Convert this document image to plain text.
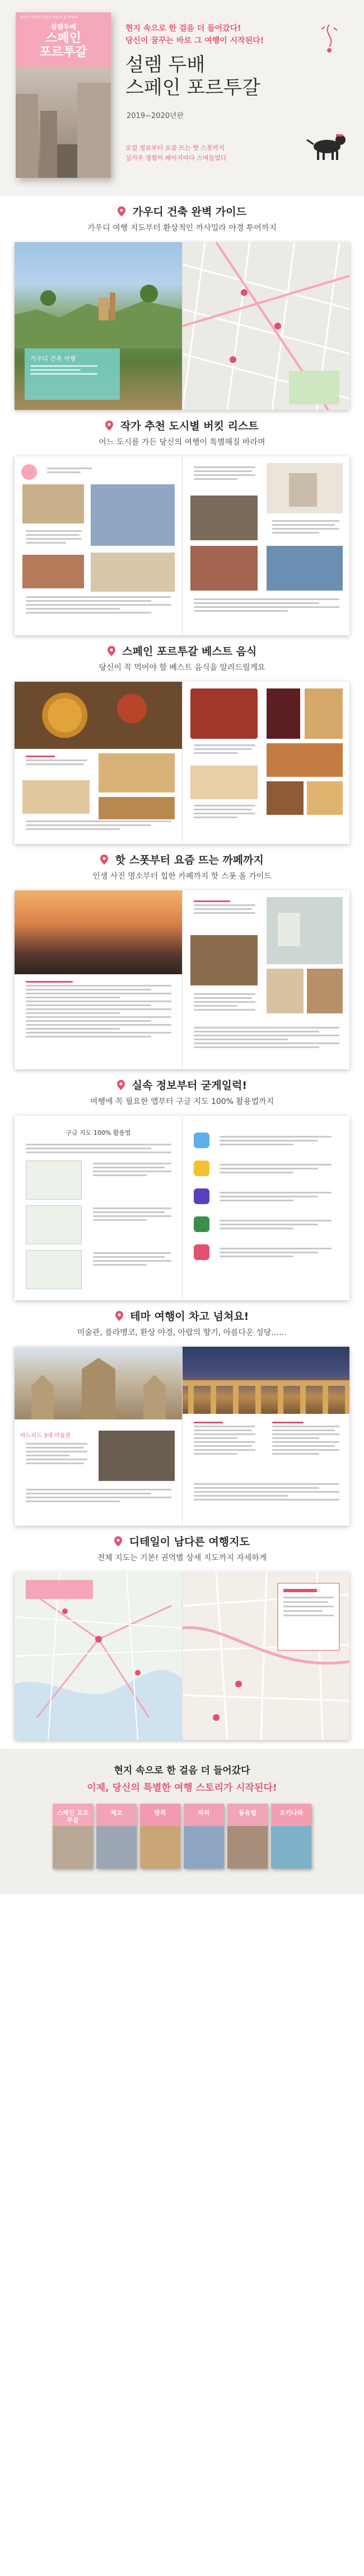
꿈꾸던 여행을 현실로 만들어 줄 안내서
설렘두배
스페인
포르투갈
현지 속으로 한 걸음 더 들어갔다!
당신이 꿈꾸는 바로 그 여행이 시작된다!
설렘 두배
스페인 포르투갈
2019~2020년판
로컬 정보부터 요즘 뜨는 핫 스폿까지
실거주 경험이 페이지마다 스며들었다
가우디 건축 완벽 가이드
가우디 여행 지도부터 환상적인 까사밀라 야경 투어까지
가우디 건축 여행
작가 추천 도시별 버킷 리스트
어느 도시를 가든 당신의 여행이 특별해질 바라며
스페인 포르투갈 베스트 음식
당신이 꼭 먹어야 할 베스트 음식을 알려드릴게요
핫 스폿부터 요즘 뜨는 까페까지
인생 사진 명소부터 힙한 카페까지 핫 스폿 올 가이드
실속 정보부터 굳게일럭!
여행에 꼭 필요한 앱부터 구글 지도 100% 활용법까지
구글 지도 100% 활용법
테마 여행이 차고 넘쳐요!
미술관, 플라멩코, 환상 야경, 아랍의 향기, 아름다운 성당……
마드리드 3대 미술관
디테일이 남다른 여행지도
전체 지도는 기본! 권역별 상세 지도까지 자세하게
현지 속으로 한 걸음 더 들어갔다
이제, 당신의 특별한 여행 스토리가 시작된다!
스페인 포르투갈
체코	방콕	파리	동유럽	오키나와
